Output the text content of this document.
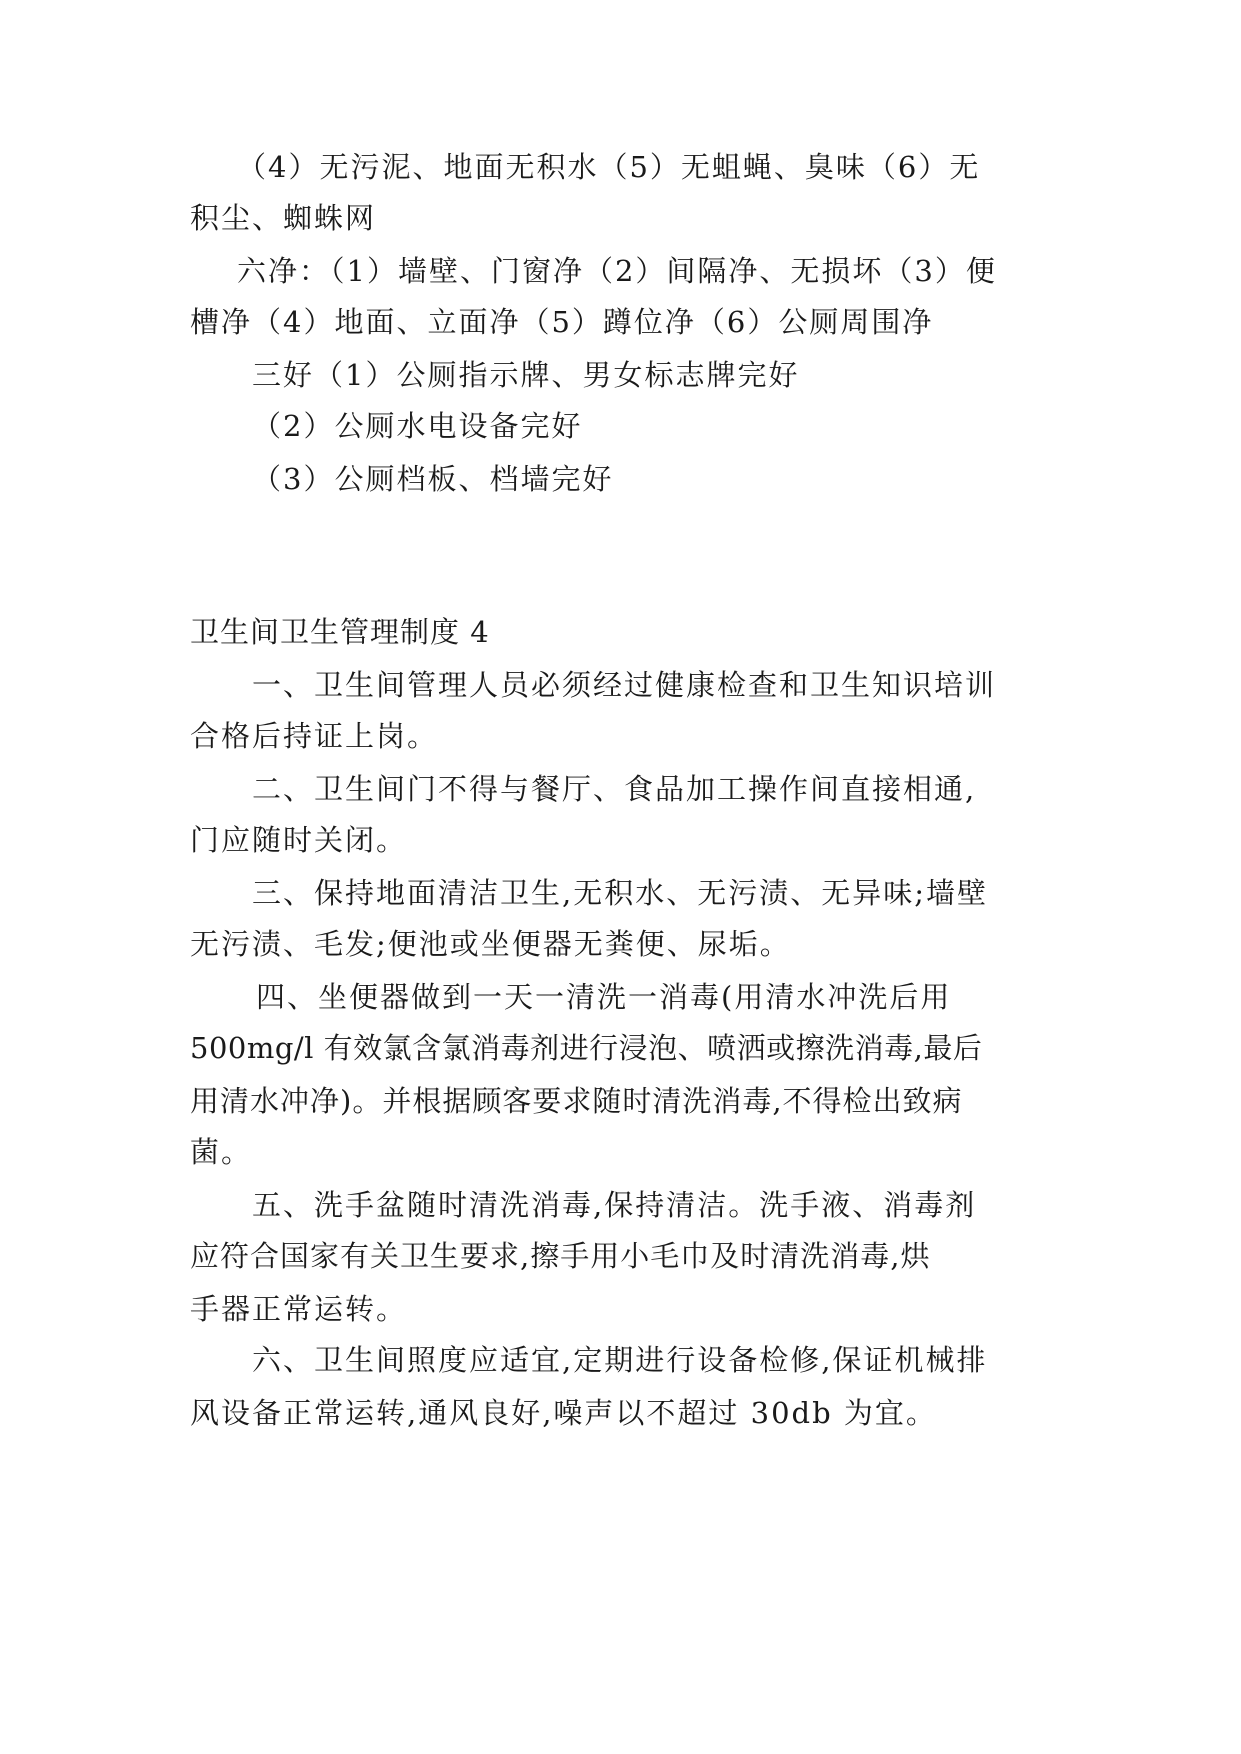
（4）无污泥、地面无积水（5）无蛆蝇、臭味（6）无
积尘、蜘蛛网
六净：（1）墙壁、门窗净（2）间隔净、无损坏（3）便
槽净（4）地面、立面净（5）蹲位净（6）公厕周围净
三好（1）公厕指示牌、男女标志牌完好
（2）公厕水电设备完好
（3）公厕档板、档墙完好
卫生间卫生管理制度 4
一、卫生间管理人员必须经过健康检查和卫生知识培训
合格后持证上岗。
二、卫生间门不得与餐厅、食品加工操作间直接相通,
门应随时关闭。
三、保持地面清洁卫生,无积水、无污渍、无异味;墙壁
无污渍、毛发;便池或坐便器无粪便、尿垢。
四、坐便器做到一天一清洗一消毒(用清水冲洗后用
500mg/l 有效氯含氯消毒剂进行浸泡、喷洒或擦洗消毒,最后
用清水冲净)。并根据顾客要求随时清洗消毒,不得检出致病
菌。
五、洗手盆随时清洗消毒,保持清洁。洗手液、消毒剂
应符合国家有关卫生要求,擦手用小毛巾及时清洗消毒,烘
手器正常运转。
六、卫生间照度应适宜,定期进行设备检修,保证机械排
风设备正常运转,通风良好,噪声以不超过 30db 为宜。
